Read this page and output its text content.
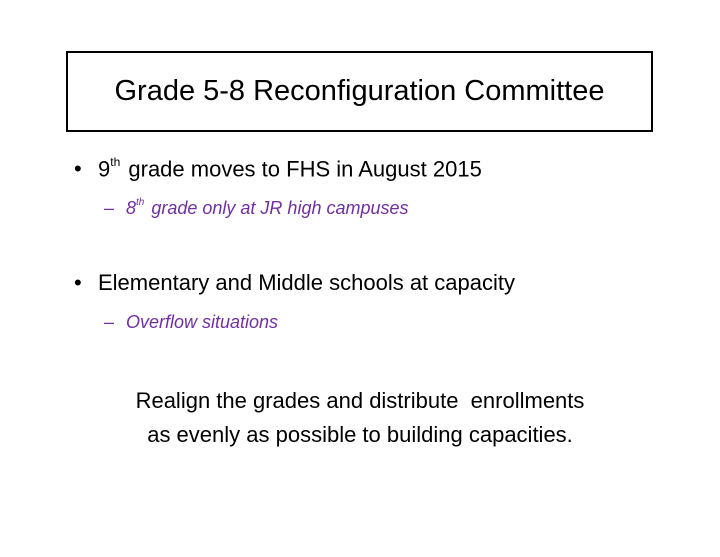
Grade 5-8 Reconfiguration Committee
• 9th grade moves to FHS in August 2015
– 8th grade only at JR high campuses
• Elementary and Middle schools at capacity
– Overflow situations
Realign the grades and distribute  enrollments
as evenly as possible to building capacities.
